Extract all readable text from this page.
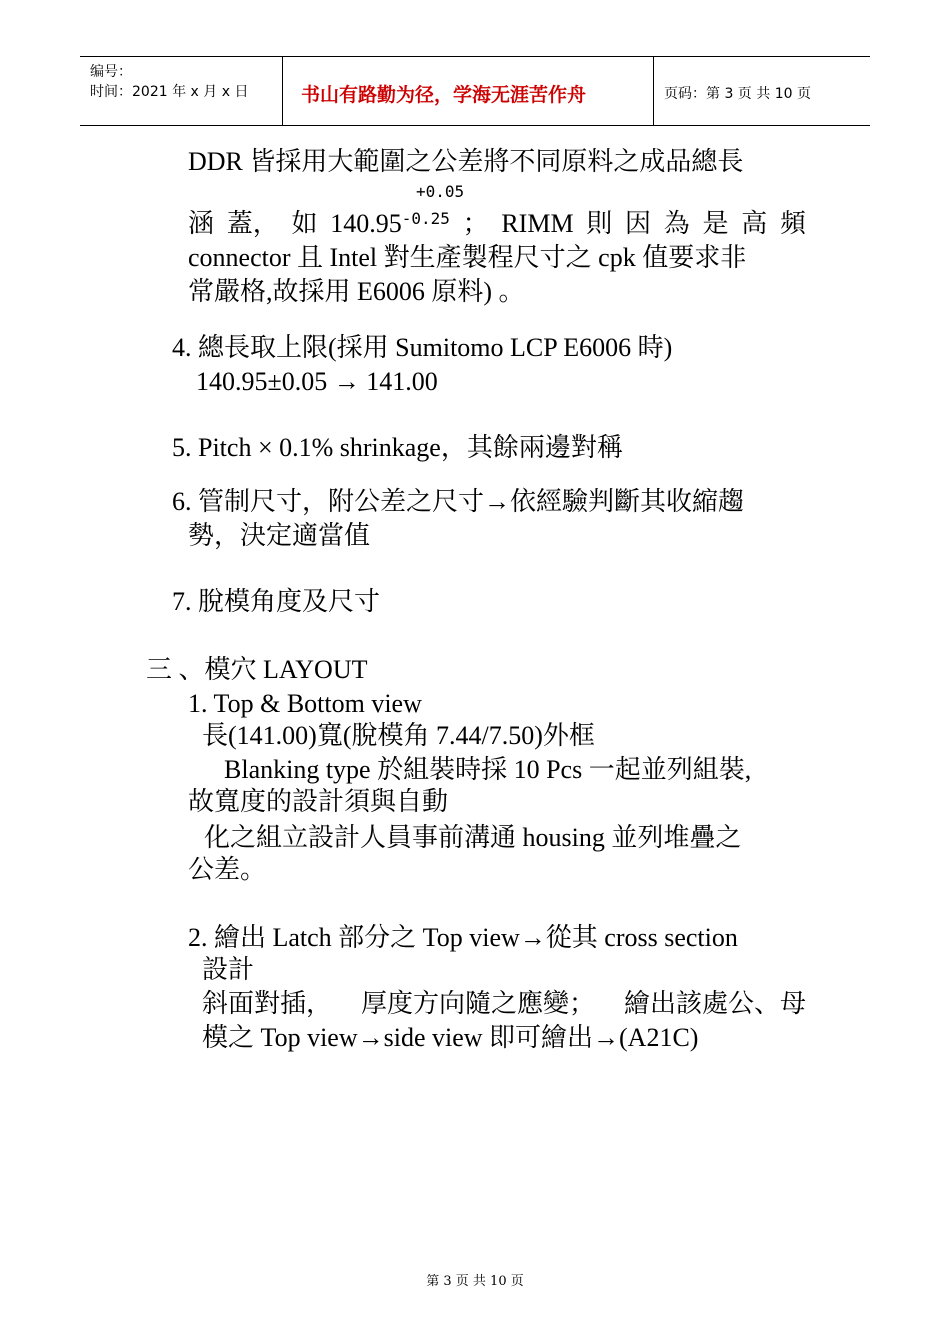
编号：
时间：2021 年 x 月 x 日	书山有路勤为径，学海无涯苦作舟	页码：第 3 页 共 10 页
DDR 皆採用大範圍之公差將不同原料之成品總長
+0.05
涵 蓋， 如 $140.95^{-0.25}$ ； RIMM 則 因 為 是 高 頻
connector 且 Intel 對生產製程尺寸之 cpk 值要求非
常嚴格,故採用 E6006 原料) 。
4. 總長取上限(採用 Sumitomo LCP E6006 時)
140.95±0.05 → 141.00
5. Pitch × 0.1% shrinkage，其餘兩邊對稱
6. 管制尺寸，附公差之尺寸→依經驗判斷其收縮趨
勢，決定適當值
7. 脫模角度及尺寸
三 、模穴 LAYOUT
1. Top & Bottom view
長(141.00)寬(脫模角 7.44/7.50)外框
Blanking type 於組裝時採 10 Pcs 一起並列組裝,
故寬度的設計須與自動
化之組立設計人員事前溝通 housing 並列堆疊之
公差。
2. 繪出 Latch 部分之 Top view→從其 cross section
設計
斜面對插， 厚度方向隨之應變； 繪出該處公、母
模之 Top view→side view 即可繪出→(A21C)
第 3 页 共 10 页
